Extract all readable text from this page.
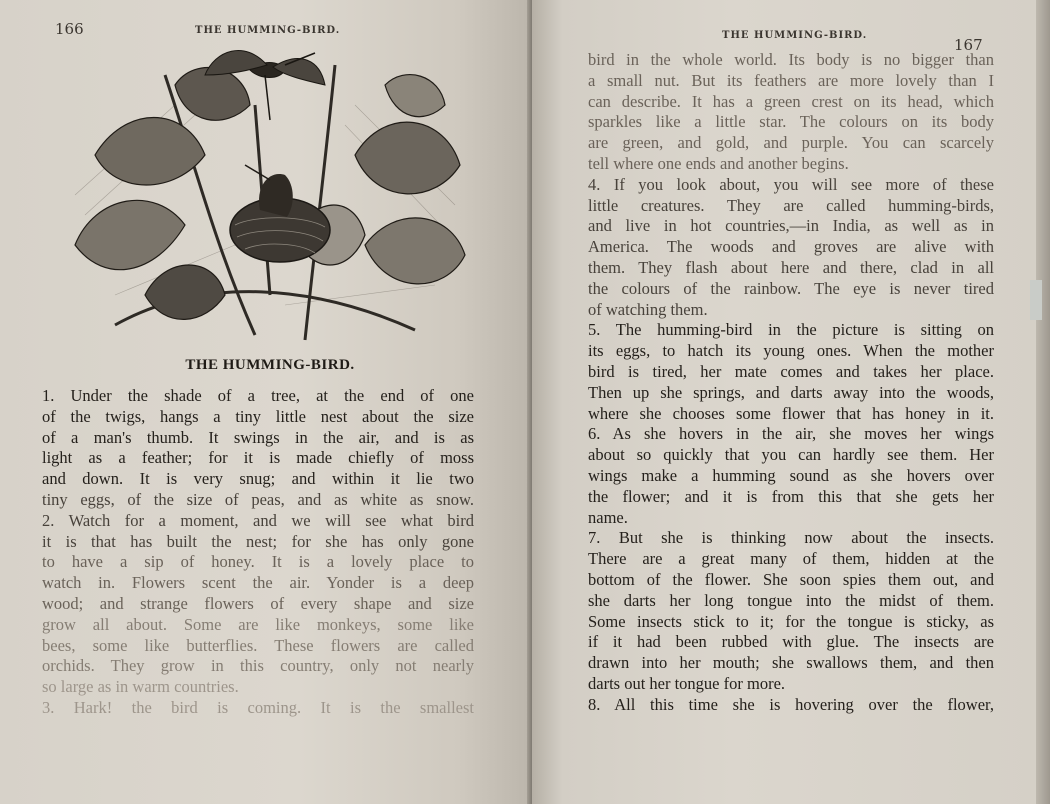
166	THE HUMMING-BIRD.
THE HUMMING-BIRD.
1. Under the shade of a tree, at the end of one
of the twigs, hangs a tiny little nest about the size
of a man's thumb. It swings in the air, and is as
light as a feather; for it is made chiefly of moss
and down. It is very snug; and within it lie two
tiny eggs, of the size of peas, and as white as snow.
2. Watch for a moment, and we will see what bird
it is that has built the nest; for she has only gone
to have a sip of honey. It is a lovely place to
watch in. Flowers scent the air. Yonder is a deep
wood; and strange flowers of every shape and size
grow all about. Some are like monkeys, some like
bees, some like butterflies. These flowers are called
orchids. They grow in this country, only not nearly
so large as in warm countries.
3. Hark! the bird is coming. It is the smallest
THE HUMMING-BIRD.
167
bird in the whole world. Its body is no bigger than
a small nut. But its feathers are more lovely than I
can describe. It has a green crest on its head, which
sparkles like a little star. The colours on its body
are green, and gold, and purple. You can scarcely
tell where one ends and another begins.
4. If you look about, you will see more of these
little creatures. They are called humming-birds,
and live in hot countries,—in India, as well as in
America. The woods and groves are alive with
them. They flash about here and there, clad in all
the colours of the rainbow. The eye is never tired
of watching them.
5. The humming-bird in the picture is sitting on
its eggs, to hatch its young ones. When the mother
bird is tired, her mate comes and takes her place.
Then up she springs, and darts away into the woods,
where she chooses some flower that has honey in it.
6. As she hovers in the air, she moves her wings
about so quickly that you can hardly see them. Her
wings make a humming sound as she hovers over
the flower; and it is from this that she gets her
name.
7. But she is thinking now about the insects.
There are a great many of them, hidden at the
bottom of the flower. She soon spies them out, and
she darts her long tongue into the midst of them.
Some insects stick to it; for the tongue is sticky, as
if it had been rubbed with glue. The insects are
drawn into her mouth; she swallows them, and then
darts out her tongue for more.
8. All this time she is hovering over the flower,
